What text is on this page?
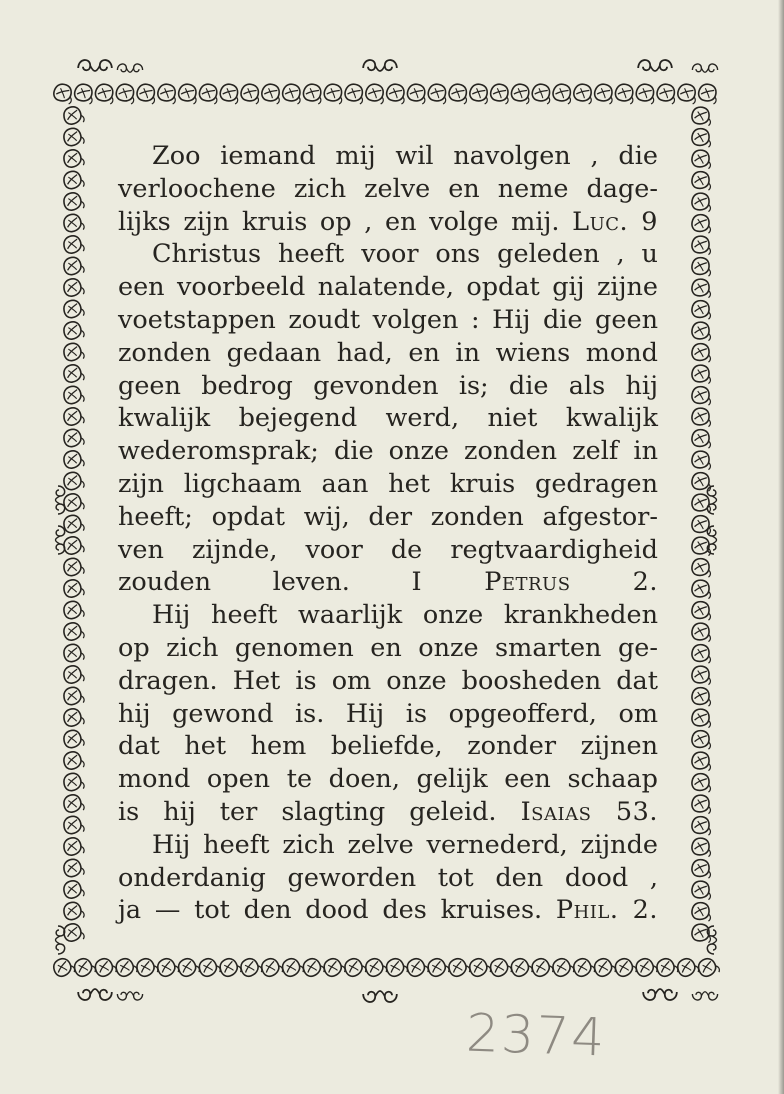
Zoo iemand mij wil navolgen , die
verloochene zich zelve en neme dage-
lijks zijn kruis op , en volge mij. Luc. 9
Christus heeft voor ons geleden , u
een voorbeeld nalatende, opdat gij zijne
voetstappen zoudt volgen : Hij die geen
zonden gedaan had, en in wiens mond
geen bedrog gevonden is; die als hij
kwalijk bejegend werd, niet kwalijk
wederomsprak; die onze zonden zelf in
zijn ligchaam aan het kruis gedragen
heeft; opdat wij, der zonden afgestor-
ven zijnde, voor de regtvaardigheid
zouden leven. I Petrus 2.
Hij heeft waarlijk onze krankheden
op zich genomen en onze smarten ge-
dragen. Het is om onze boosheden dat
hij gewond is. Hij is opgeofferd, om
dat het hem beliefde, zonder zijnen
mond open te doen, gelijk een schaap
is hij ter slagting geleid. Isaias 53.
Hij heeft zich zelve vernederd, zijnde
onderdanig geworden tot den dood ,
ja — tot den dood des kruises. Phil. 2.
2374
